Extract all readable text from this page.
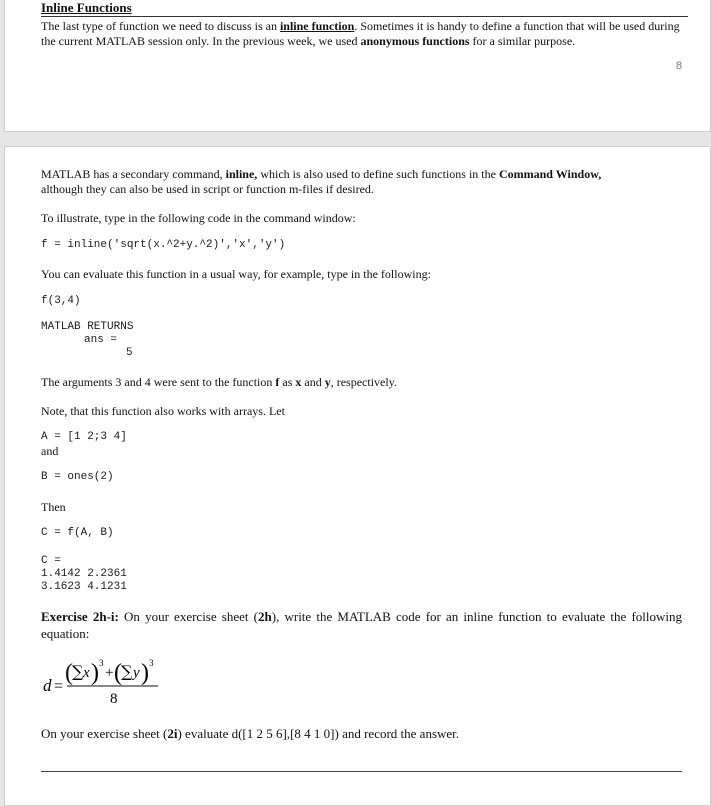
Inline Functions
The last type of function we need to discuss is an inline function. Sometimes it is handy to define a function that will be used during the current MATLAB session only. In the previous week, we used anonymous functions for a similar purpose.
8
MATLAB has a secondary command, inline, which is also used to define such functions in the Command Window,
although they can also be used in script or function m-files if desired.
To illustrate, type in the following code in the command window:
f = inline('sqrt(x.^2+y.^2)','x','y')
You can evaluate this function in a usual way, for example, type in the following:
f(3,4)
MATLAB RETURNS
ans =
5
The arguments 3 and 4 were sent to the function f as x and y, respectively.
Note, that this function also works with arrays. Let
A = [1 2;3 4]
and
B = ones(2)
Then
C = f(A, B)
C =
1.4142 2.2361
3.1623 4.1231
Exercise 2h-i: On your exercise sheet (2h), write the MATLAB code for an inline function to evaluate the following equation:
d =
( ∑ x ) 3
+ ( ∑ y ) 3
8
On your exercise sheet (2i) evaluate d([1 2 5 6],[8 4 1 0]) and record the answer.
